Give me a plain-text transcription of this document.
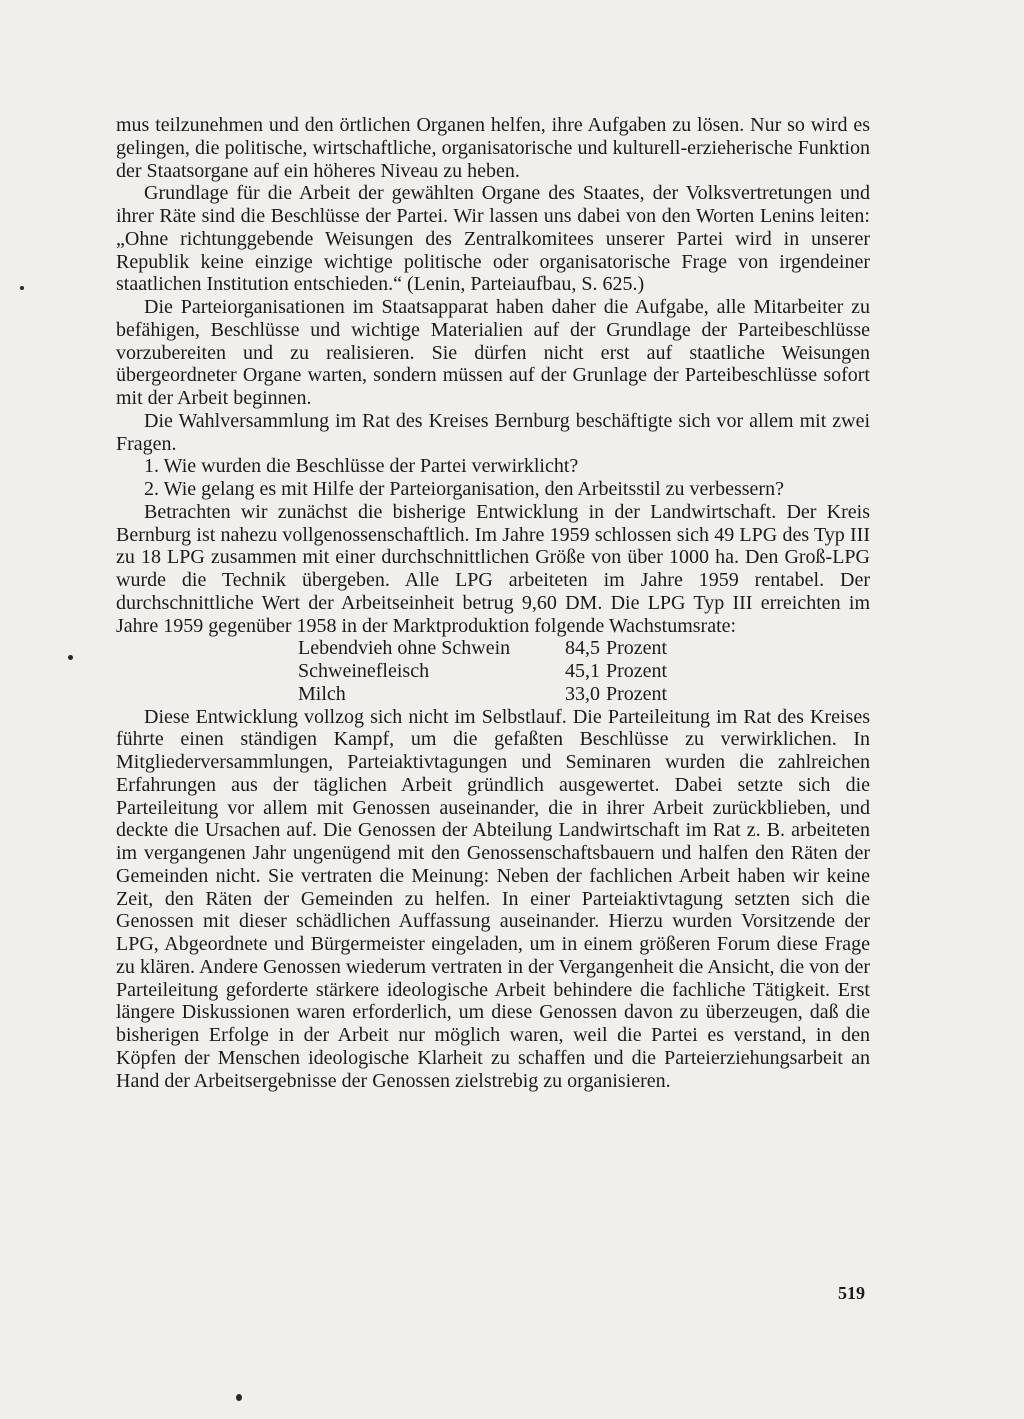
mus teilzunehmen und den örtlichen Organen helfen, ihre Aufgaben zu lösen. Nur so wird es gelingen, die politische, wirtschaftliche, organisatorische und kulturell-erzieherische Funktion der Staatsorgane auf ein höheres Niveau zu heben.

Grundlage für die Arbeit der gewählten Organe des Staates, der Volksvertretungen und ihrer Räte sind die Beschlüsse der Partei. Wir lassen uns dabei von den Worten Lenins leiten: „Ohne richtunggebende Weisungen des Zentralkomitees unserer Partei wird in unserer Republik keine einzige wichtige politische oder organisatorische Frage von irgendeiner staatlichen Institution entschieden.“ (Lenin, Parteiaufbau, S. 625.)

Die Parteiorganisationen im Staatsapparat haben daher die Aufgabe, alle Mitarbeiter zu befähigen, Beschlüsse und wichtige Materialien auf der Grundlage der Parteibeschlüsse vorzubereiten und zu realisieren. Sie dürfen nicht erst auf staatliche Weisungen übergeordneter Organe warten, sondern müssen auf der Grunlage der Parteibeschlüsse sofort mit der Arbeit beginnen.

Die Wahlversammlung im Rat des Kreises Bernburg beschäftigte sich vor allem mit zwei Fragen.

1. Wie wurden die Beschlüsse der Partei verwirklicht?

2. Wie gelang es mit Hilfe der Parteiorganisation, den Arbeitsstil zu verbessern?

Betrachten wir zunächst die bisherige Entwicklung in der Landwirtschaft. Der Kreis Bernburg ist nahezu vollgenossenschaftlich. Im Jahre 1959 schlossen sich 49 LPG des Typ III zu 18 LPG zusammen mit einer durchschnittlichen Größe von über 1000 ha. Den Groß-LPG wurde die Technik übergeben. Alle LPG arbeiteten im Jahre 1959 rentabel. Der durchschnittliche Wert der Arbeitseinheit betrug 9,60 DM. Die LPG Typ III erreichten im Jahre 1959 gegenüber 1958 in der Marktproduktion folgende Wachstumsrate:

Lebendvieh ohne Schwein	84,5	Prozent
Schweinefleisch	45,1	Prozent
Milch	33,0	Prozent

Diese Entwicklung vollzog sich nicht im Selbstlauf. Die Parteileitung im Rat des Kreises führte einen ständigen Kampf, um die gefaßten Beschlüsse zu verwirklichen. In Mitgliederversammlungen, Parteiaktivtagungen und Seminaren wurden die zahlreichen Erfahrungen aus der täglichen Arbeit gründlich ausgewertet. Dabei setzte sich die Parteileitung vor allem mit Genossen auseinander, die in ihrer Arbeit zurückblieben, und deckte die Ursachen auf. Die Genossen der Abteilung Landwirtschaft im Rat z. B. arbeiteten im vergangenen Jahr ungenügend mit den Genossenschaftsbauern und halfen den Räten der Gemeinden nicht. Sie vertraten die Meinung: Neben der fachlichen Arbeit haben wir keine Zeit, den Räten der Gemeinden zu helfen. In einer Parteiaktivtagung setzten sich die Genossen mit dieser schädlichen Auffassung auseinander. Hierzu wurden Vorsitzende der LPG, Abgeordnete und Bürgermeister eingeladen, um in einem größeren Forum diese Frage zu klären. Andere Genossen wiederum vertraten in der Vergangenheit die Ansicht, die von der Parteileitung geforderte stärkere ideologische Arbeit behindere die fachliche Tätigkeit. Erst längere Diskussionen waren erforderlich, um diese Genossen davon zu überzeugen, daß die bisherigen Erfolge in der Arbeit nur möglich waren, weil die Partei es verstand, in den Köpfen der Menschen ideologische Klarheit zu schaffen und die Parteierziehungsarbeit an Hand der Arbeitsergebnisse der Genossen zielstrebig zu organisieren.

519
